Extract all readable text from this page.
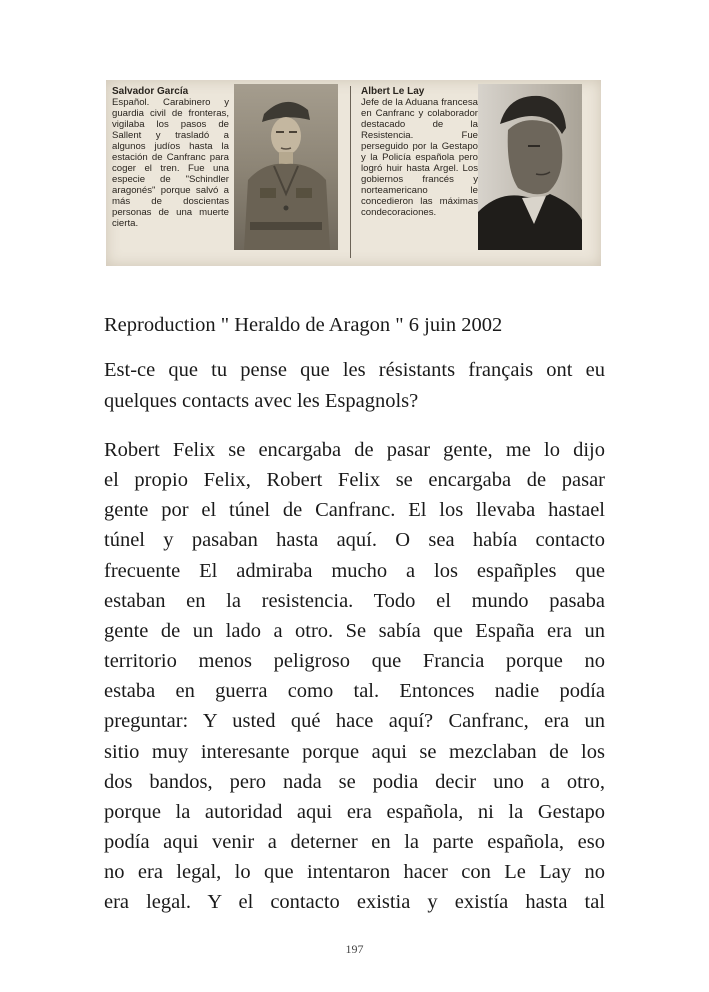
Salvador García
Español. Carabinero y guardia civil de fronteras, vigilaba los pasos de Sallent y trasladó a algunos judíos hasta la estación de Canfranc para coger el tren. Fue una especie de "Schindler aragonés" porque salvó a más de doscientas personas de una muerte cierta.
Albert Le Lay
Jefe de la Aduana francesa en Canfranc y colaborador destacado de la Resistencia. Fue perseguido por la Gestapo y la Policía española pero logró huir hasta Argel. Los gobiernos francés y norteamericano le concedieron las máximas condecoraciones.
Reproduction " Heraldo de Aragon " 6 juin 2002
Est-ce que tu pense que les résistants français ont eu quelques contacts avec les Espagnols?
Robert Felix se encargaba de pasar gente, me lo dijo
el propio Felix, Robert Felix se encargaba de pasar
gente por el túnel de Canfranc. El los llevaba hastael
túnel y pasaban hasta aquí. O sea había contacto
frecuente El admiraba mucho a los españples que
estaban en la resistencia. Todo el mundo pasaba
gente de un lado a otro. Se sabía que España era un
territorio menos peligroso que Francia porque no
estaba en guerra como tal. Entonces nadie podía
preguntar: Y usted qué hace aquí? Canfranc, era un
sitio muy interesante porque aqui se mezclaban de los
dos bandos, pero nada se podia decir uno a otro,
porque la autoridad aqui era española, ni la Gestapo
podía aqui venir a deterner en la parte española, eso
no era legal, lo que intentaron hacer con Le Lay no
era legal. Y el contacto existia y existía hasta tal
197
